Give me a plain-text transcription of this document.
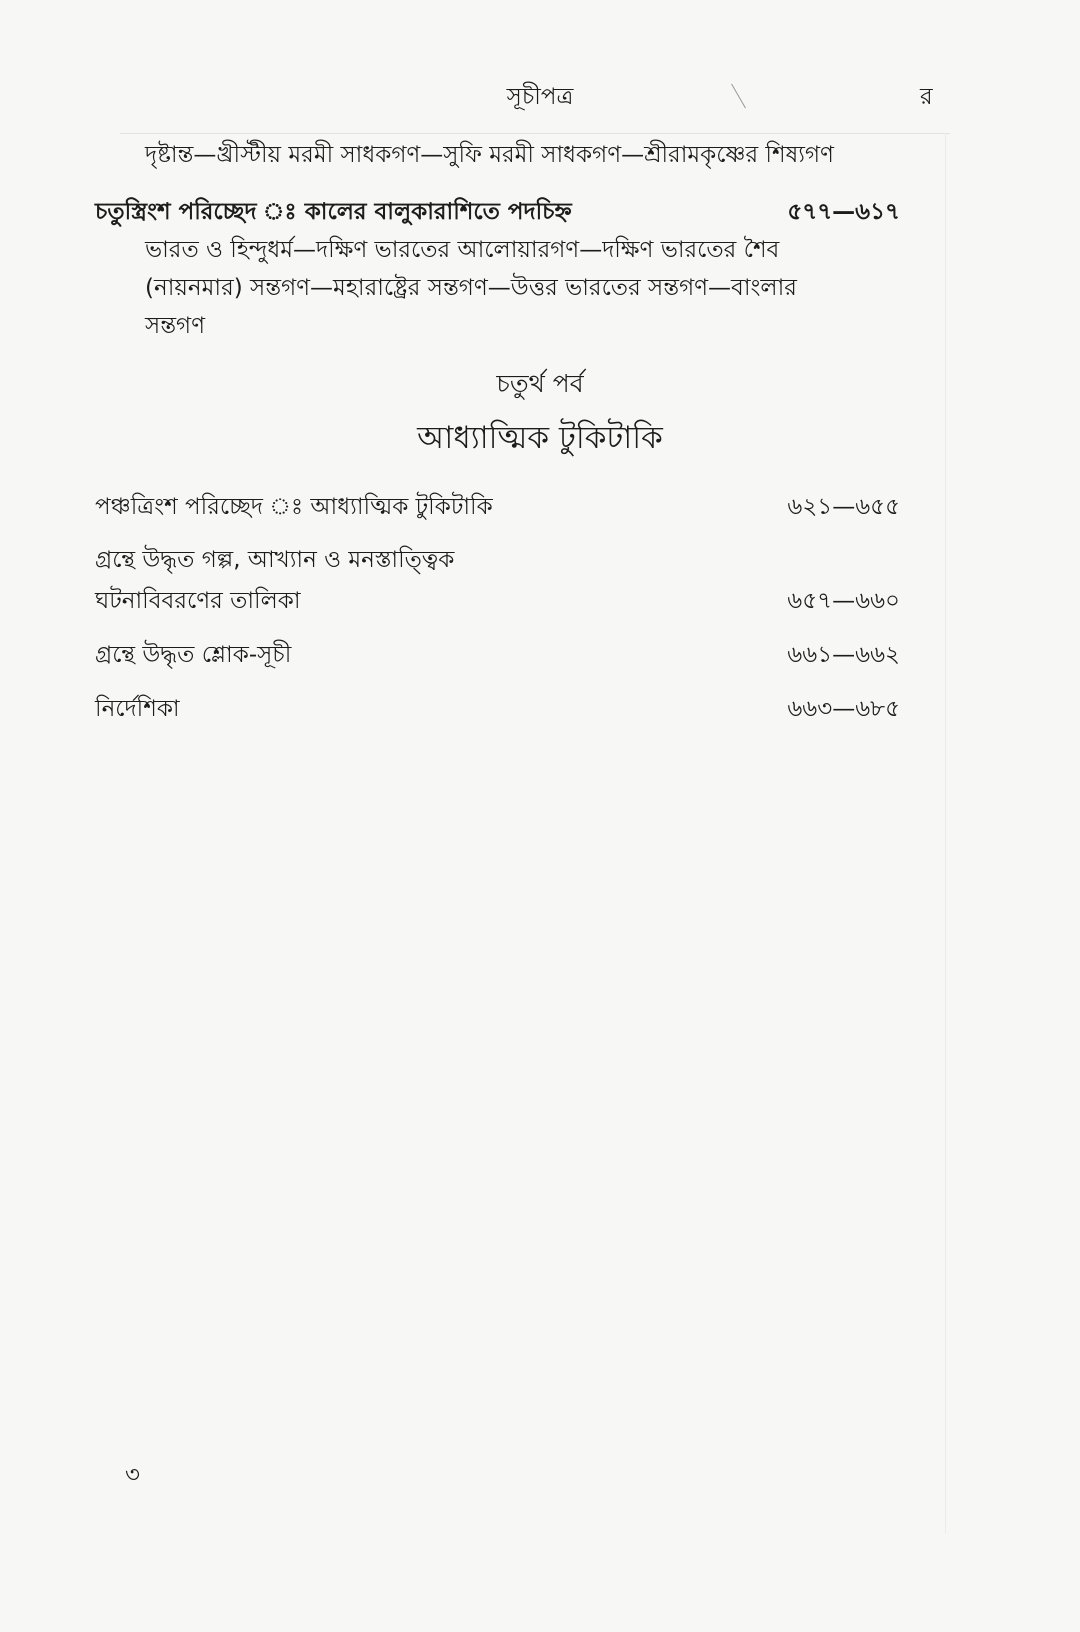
সূচীপত্র	র
দৃষ্টান্ত—খ্রীস্টীয় মরমী সাধকগণ—সুফি মরমী সাধকগণ—শ্রীরামকৃষ্ণের শিষ্যগণ
চতুস্ত্রিংশ পরিচ্ছেদ ঃ কালের বালুকারাশিতে পদচিহ্ন	৫৭৭—৬১৭
ভারত ও হিন্দুধর্ম—দক্ষিণ ভারতের আলোয়ারগণ—দক্ষিণ ভারতের শৈব
(নায়নমার) সন্তগণ—মহারাষ্ট্রের সন্তগণ—উত্তর ভারতের সন্তগণ—বাংলার
সন্তগণ
চতুর্থ পর্ব
আধ্যাত্মিক টুকিটাকি
পঞ্চত্রিংশ পরিচ্ছেদ ঃ আধ্যাত্মিক টুকিটাকি	৬২১—৬৫৫
গ্রন্থে উদ্ধৃত গল্প, আখ্যান ও মনস্তাত্ত্বিক
ঘটনাবিবরণের তালিকা	৬৫৭—৬৬০
গ্রন্থে উদ্ধৃত শ্লোক-সূচী	৬৬১—৬৬২
নির্দেশিকা	৬৬৩—৬৮৫
৩
